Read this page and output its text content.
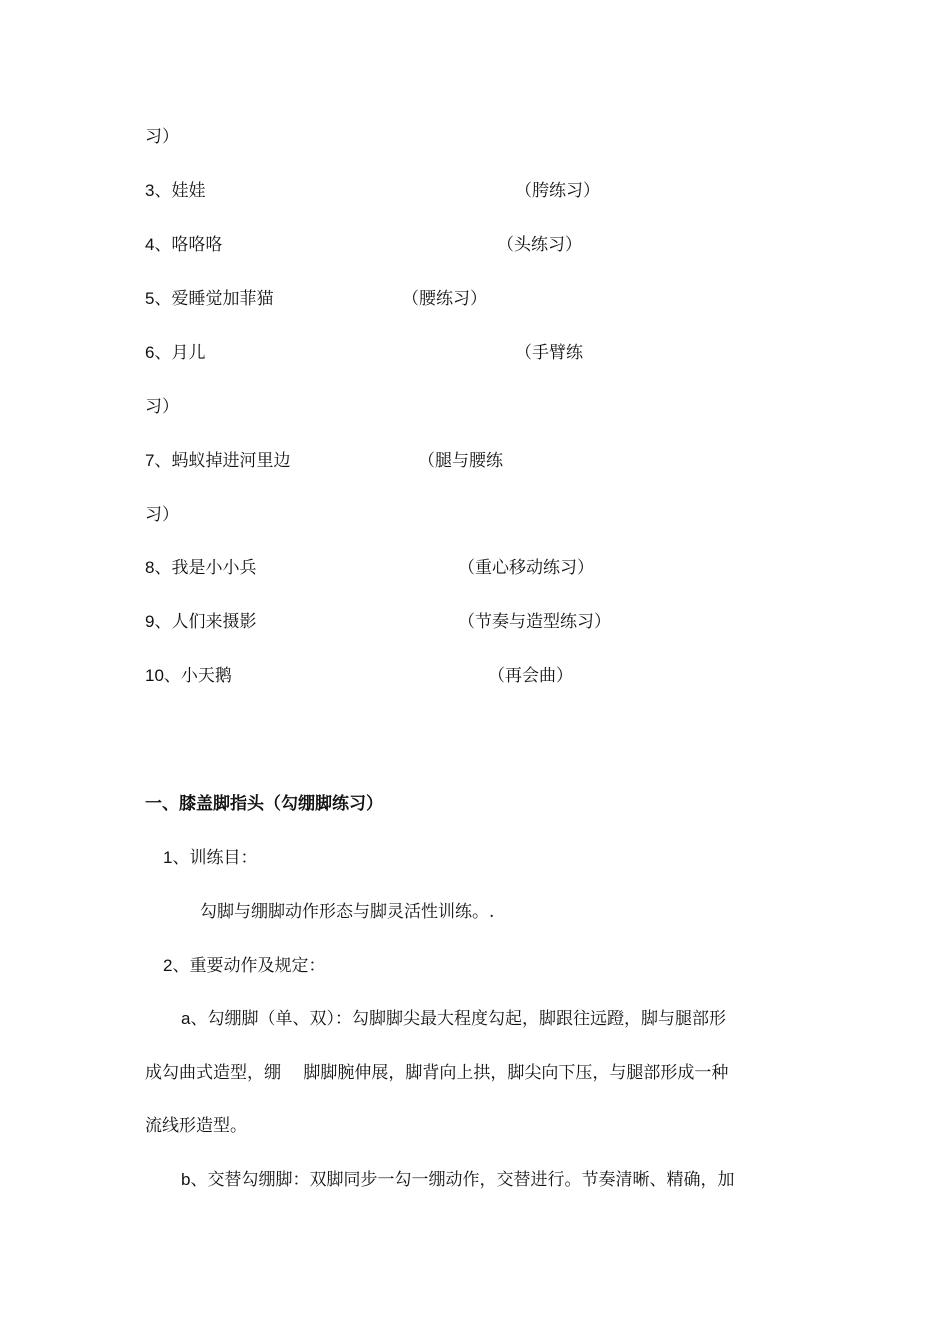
习）
3、娃娃	（胯练习）
4、咯咯咯	（头练习）
5、爱睡觉加菲猫	（腰练习）
6、月儿	（手臂练
习）
7、蚂蚁掉进河里边	（腿与腰练
习）
8、我是小小兵	（重心移动练习）
9、人们来摄影	（节奏与造型练习）
10、小天鹅	（再会曲）
一、膝盖脚指头（勾绷脚练习）
1、训练目：
勾脚与绷脚动作形态与脚灵活性训练。.
2、重要动作及规定：
a、勾绷脚（单、双）：勾脚脚尖最大程度勾起，脚跟往远蹬，脚与腿部形
成勾曲式造型，绷　 脚脚腕伸展，脚背向上拱，脚尖向下压，与腿部形成一种
流线形造型。
b、交替勾绷脚：双脚同步一勾一绷动作，交替进行。节奏清晰、精确，加
